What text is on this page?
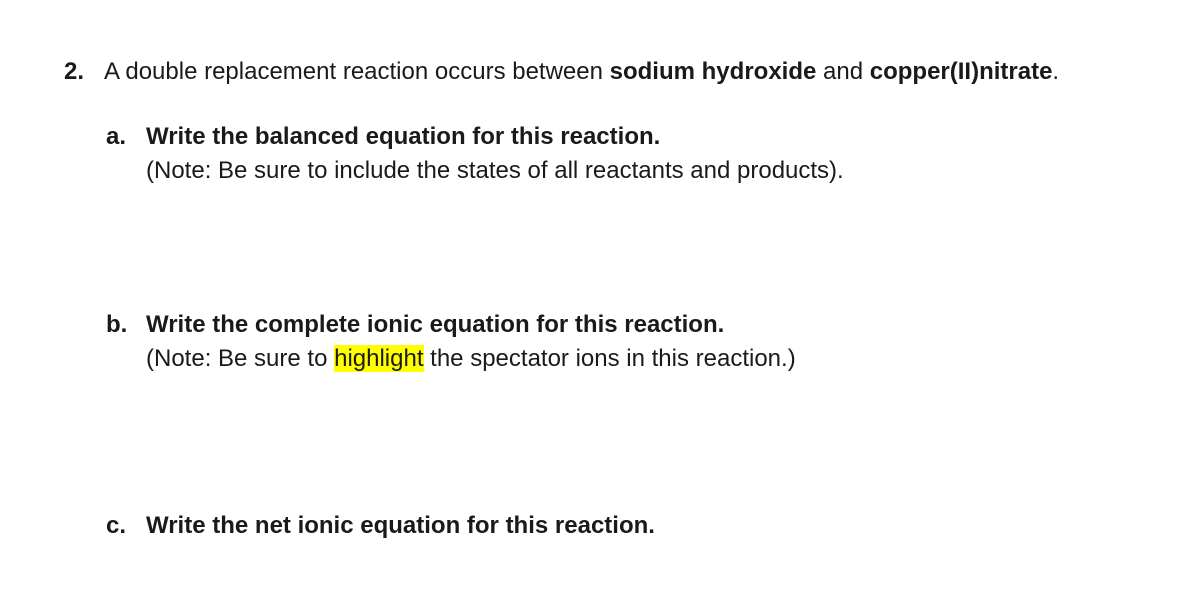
2. A double replacement reaction occurs between sodium hydroxide and copper(II)nitrate.
a. Write the balanced equation for this reaction.
(Note: Be sure to include the states of all reactants and products).
b. Write the complete ionic equation for this reaction.
(Note: Be sure to highlight the spectator ions in this reaction.)
c. Write the net ionic equation for this reaction.
